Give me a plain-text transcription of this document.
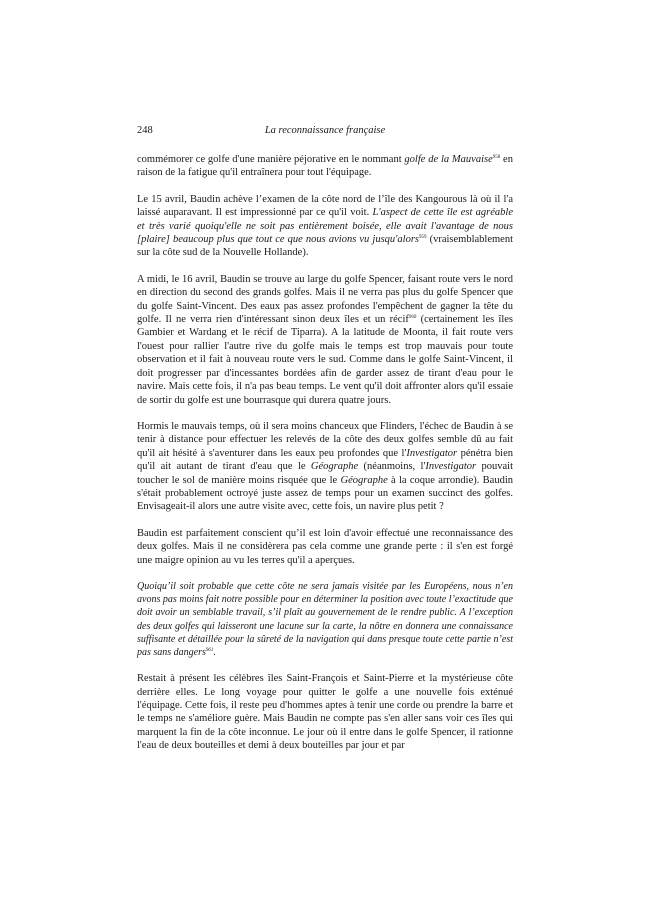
248	La reconnaissance française

commémorer ce golfe d'une manière péjorative en le nommant golfe de la Mauvaise$^{958}$ en raison de la fatigue qu'il entraînera pour tout l'équipage.

Le 15 avril, Baudin achève l’examen de la côte nord de l’île des Kangourous là où il l'a laissé auparavant. Il est impressionné par ce qu'il voit. L'aspect de cette île est agréable et très varié quoiqu'elle ne soit pas entièrement boisée, elle avait l'avantage de nous [plaire] beaucoup plus que tout ce que nous avions vu jusqu'alors$^{959}$ (vraisemblablement sur la côte sud de la Nouvelle Hollande).

A midi, le 16 avril, Baudin se trouve au large du golfe Spencer, faisant route vers le nord en direction du second des grands golfes. Mais il ne verra pas plus du golfe Spencer que du golfe Saint-Vincent. Des eaux pas assez profondes l'empêchent de gagner la tête du golfe. Il ne verra rien d'intéressant sinon deux îles et un récif$^{960}$ (certainement les îles Gambier et Wardang et le récif de Tiparra). A la latitude de Moonta, il fait route vers l'ouest pour rallier l'autre rive du golfe mais le temps est trop mauvais pour toute observation et il fait à nouveau route vers le sud. Comme dans le golfe Saint-Vincent, il doit progresser par d'incessantes bordées afin de garder assez de tirant d'eau pour le navire. Mais cette fois, il n'a pas beau temps. Le vent qu'il doit affronter alors qu'il essaie de sortir du golfe est une bourrasque qui durera quatre jours.

Hormis le mauvais temps, où il sera moins chanceux que Flinders, l'échec de Baudin à se tenir à distance pour effectuer les relevés de la côte des deux golfes semble dû au fait qu'il ait hésité à s'aventurer dans les eaux peu profondes que l'Investigator pénétra bien qu'il ait autant de tirant d'eau que le Géographe (néanmoins, l'Investigator pouvait toucher le sol de manière moins risquée que le Géographe à la coque arrondie). Baudin s'était probablement octroyé juste assez de temps pour un examen succinct des golfes. Envisageait-il alors une autre visite avec, cette fois, un navire plus petit ?

Baudin est parfaitement conscient qu’il est loin d'avoir effectué une reconnaissance des deux golfes. Mais il ne considèrera pas cela comme une grande perte : il s'en est forgé une maigre opinion au vu les terres qu'il a aperçues.

Quoiqu’il soit probable que cette côte ne sera jamais visitée par les Européens, nous n’en avons pas moins fait notre possible pour en déterminer la position avec toute l’exactitude que doit avoir un semblable travail, s’il plaît au gouvernement de le rendre public. A l’exception des deux golfes qui laisseront une lacune sur la carte, la nôtre en donnera une connaissance suffisante et détaillée pour la sûreté de la navigation qui dans presque toute cette partie n’est pas sans dangers$^{961}$.

Restait à présent les célèbres îles Saint-François et Saint-Pierre et la mystérieuse côte derrière elles. Le long voyage pour quitter le golfe a une nouvelle fois exténué l'équipage. Cette fois, il reste peu d'hommes aptes à tenir une corde ou prendre la barre et le temps ne s'améliore guère. Mais Baudin ne compte pas s'en aller sans voir ces îles qui marquent la fin de la côte inconnue. Le jour où il entre dans le golfe Spencer, il rationne l'eau de deux bouteilles et demi à deux bouteilles par jour et par
